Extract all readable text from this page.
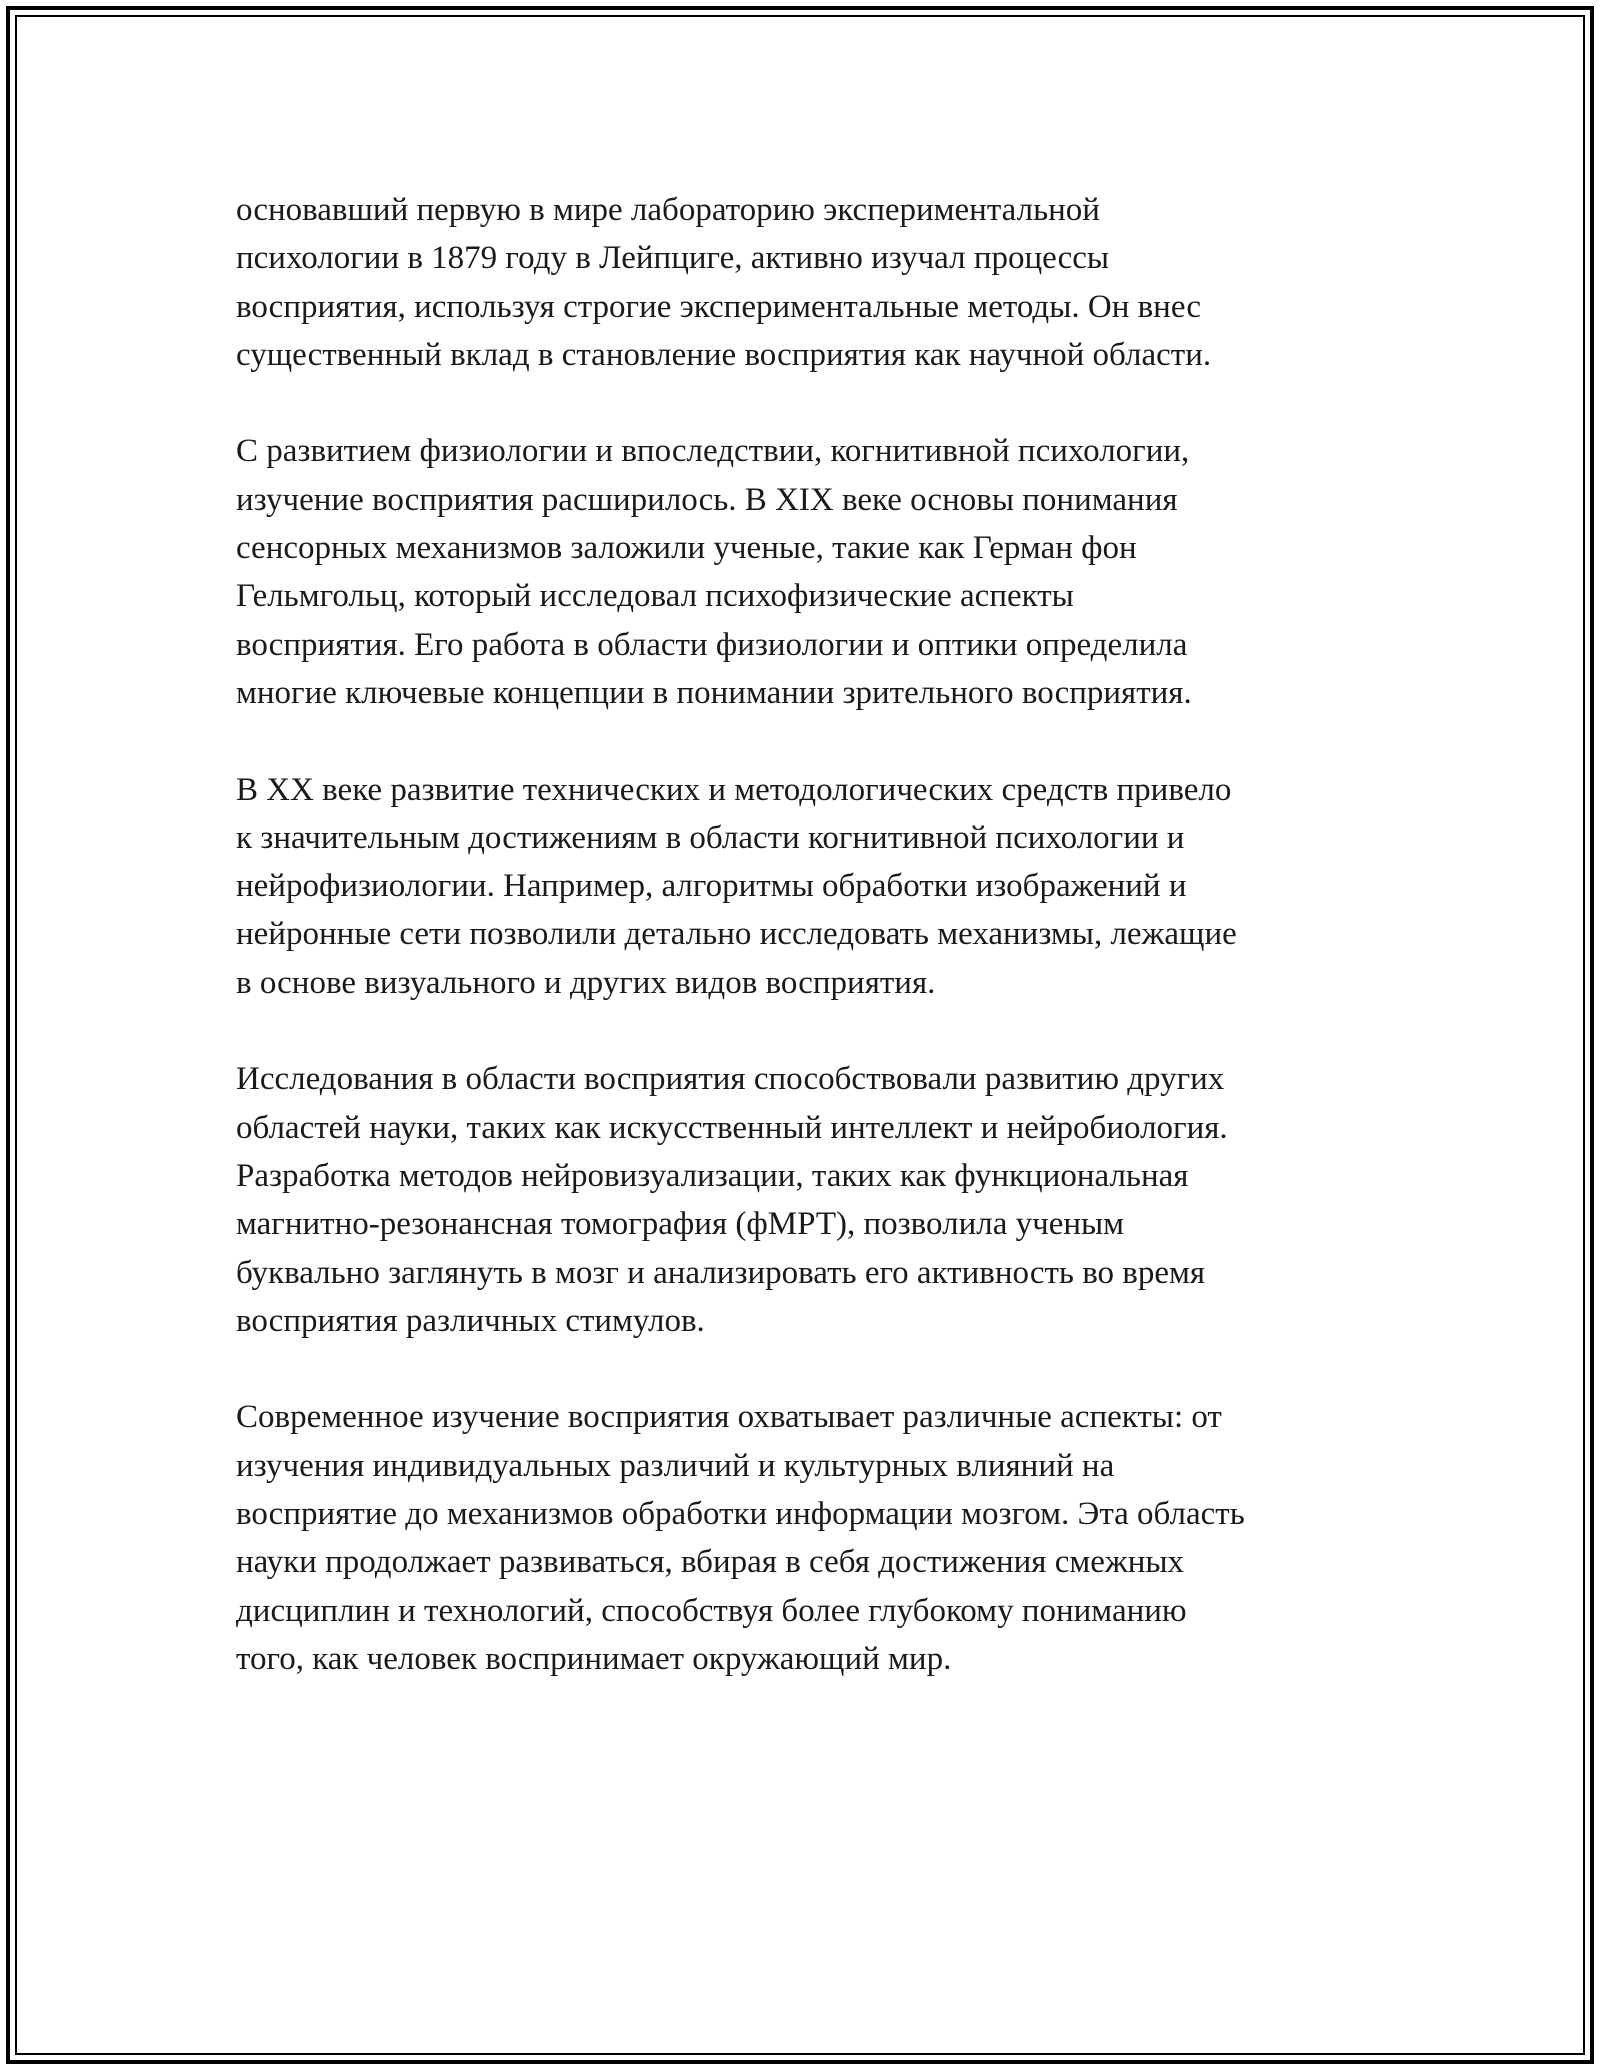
основавший первую в мире лабораторию экспериментальной
психологии в 1879 году в Лейпциге, активно изучал процессы
восприятия, используя строгие экспериментальные методы. Он внес
существенный вклад в становление восприятия как научной области.

С развитием физиологии и впоследствии, когнитивной психологии,
изучение восприятия расширилось. В XIX веке основы понимания
сенсорных механизмов заложили ученые, такие как Герман фон
Гельмгольц, который исследовал психофизические аспекты
восприятия. Его работа в области физиологии и оптики определила
многие ключевые концепции в понимании зрительного восприятия.

В XX веке развитие технических и методологических средств привело
к значительным достижениям в области когнитивной психологии и
нейрофизиологии. Например, алгоритмы обработки изображений и
нейронные сети позволили детально исследовать механизмы, лежащие
в основе визуального и других видов восприятия.

Исследования в области восприятия способствовали развитию других
областей науки, таких как искусственный интеллект и нейробиология.
Разработка методов нейровизуализации, таких как функциональная
магнитно-резонансная томография (фМРТ), позволила ученым
буквально заглянуть в мозг и анализировать его активность во время
восприятия различных стимулов.

Современное изучение восприятия охватывает различные аспекты: от
изучения индивидуальных различий и культурных влияний на
восприятие до механизмов обработки информации мозгом. Эта область
науки продолжает развиваться, вбирая в себя достижения смежных
дисциплин и технологий, способствуя более глубокому пониманию
того, как человек воспринимает окружающий мир.
